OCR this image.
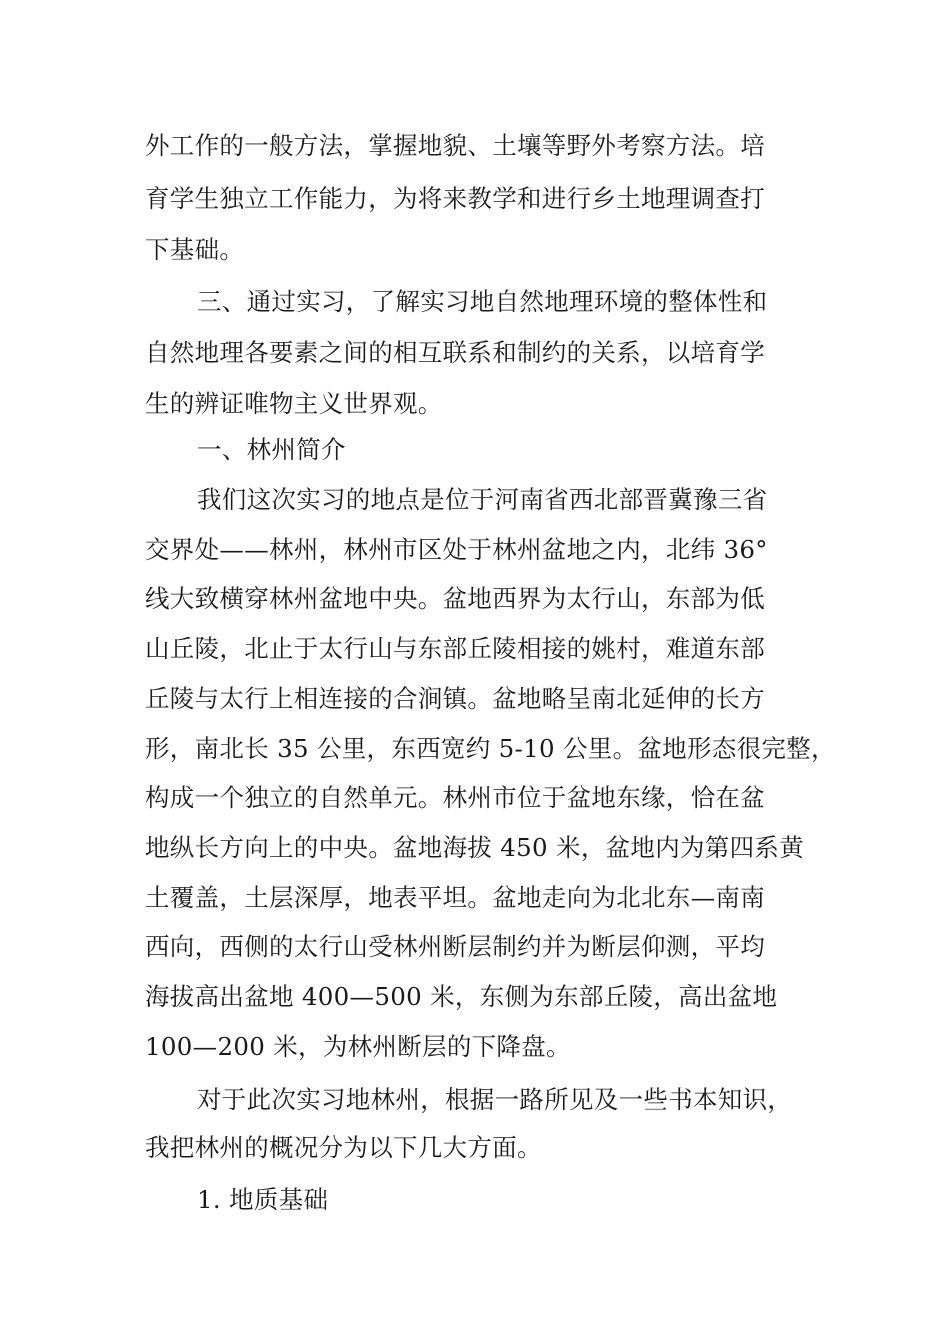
外工作的一般方法，掌握地貌、土壤等野外考察方法。培
育学生独立工作能力，为将来教学和进行乡土地理调查打
下基础。
三、通过实习，了解实习地自然地理环境的整体性和
自然地理各要素之间的相互联系和制约的关系，以培育学
生的辨证唯物主义世界观。
一、林州简介
我们这次实习的地点是位于河南省西北部晋冀豫三省
交界处——林州，林州市区处于林州盆地之内，北纬 36°
线大致横穿林州盆地中央。盆地西界为太行山，东部为低
山丘陵，北止于太行山与东部丘陵相接的姚村，难道东部
丘陵与太行上相连接的合涧镇。盆地略呈南北延伸的长方
形，南北长 35 公里，东西宽约 5-10 公里。盆地形态很完整，
构成一个独立的自然单元。林州市位于盆地东缘，恰在盆
地纵长方向上的中央。盆地海拔 450 米，盆地内为第四系黄
土覆盖，土层深厚，地表平坦。盆地走向为北北东—南南
西向，西侧的太行山受林州断层制约并为断层仰测，平均
海拔高出盆地 400—500 米，东侧为东部丘陵，高出盆地
100—200 米，为林州断层的下降盘。
对于此次实习地林州，根据一路所见及一些书本知识，
我把林州的概况分为以下几大方面。
1. 地质基础
